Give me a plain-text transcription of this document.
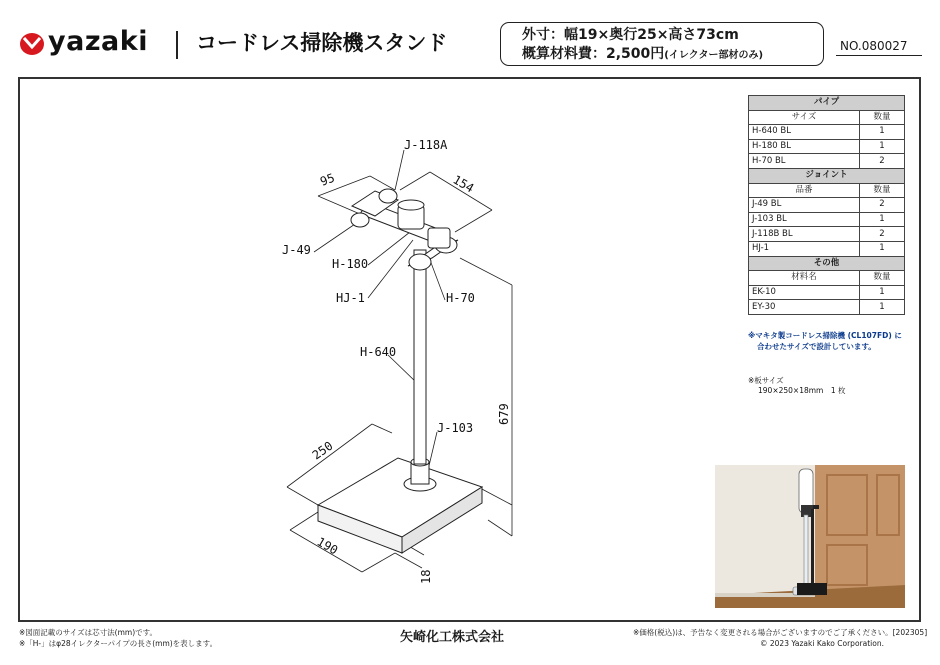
yazaki コードレス掃除機スタンド	外寸：幅19×奥行25×高さ73cm
概算材料費：2,500円(イレクター部材のみ)
NO.080027
J-118A
95	154
J-49
H-180
HJ-1	H-70
H-640
679
J-103
250
190
18
パイプ	
サイズ	数量
H-640 BL	1
H-180 BL	1
H-70 BL	2
ジョイント	
品番	数量
J-49 BL	2
J-103 BL	1
J-118B BL	2
HJ-1	1
その他	
材料名	数量
EK-10	1
EY-30	1
※マキタ製コードレス掃除機 (CL107FD) に
合わせたサイズで設計しています。
※板サイズ
190×250×18mm　1 枚
※図面記載のサイズは芯寸法(mm)です。
※「H-」はφ28イレクターパイプの長さ(mm)を表します。	矢崎化工株式会社	※価格(税込)は、予告なく変更される場合がございますのでご了承ください。[202305]
© 2023 Yazaki Kako Corporation.
